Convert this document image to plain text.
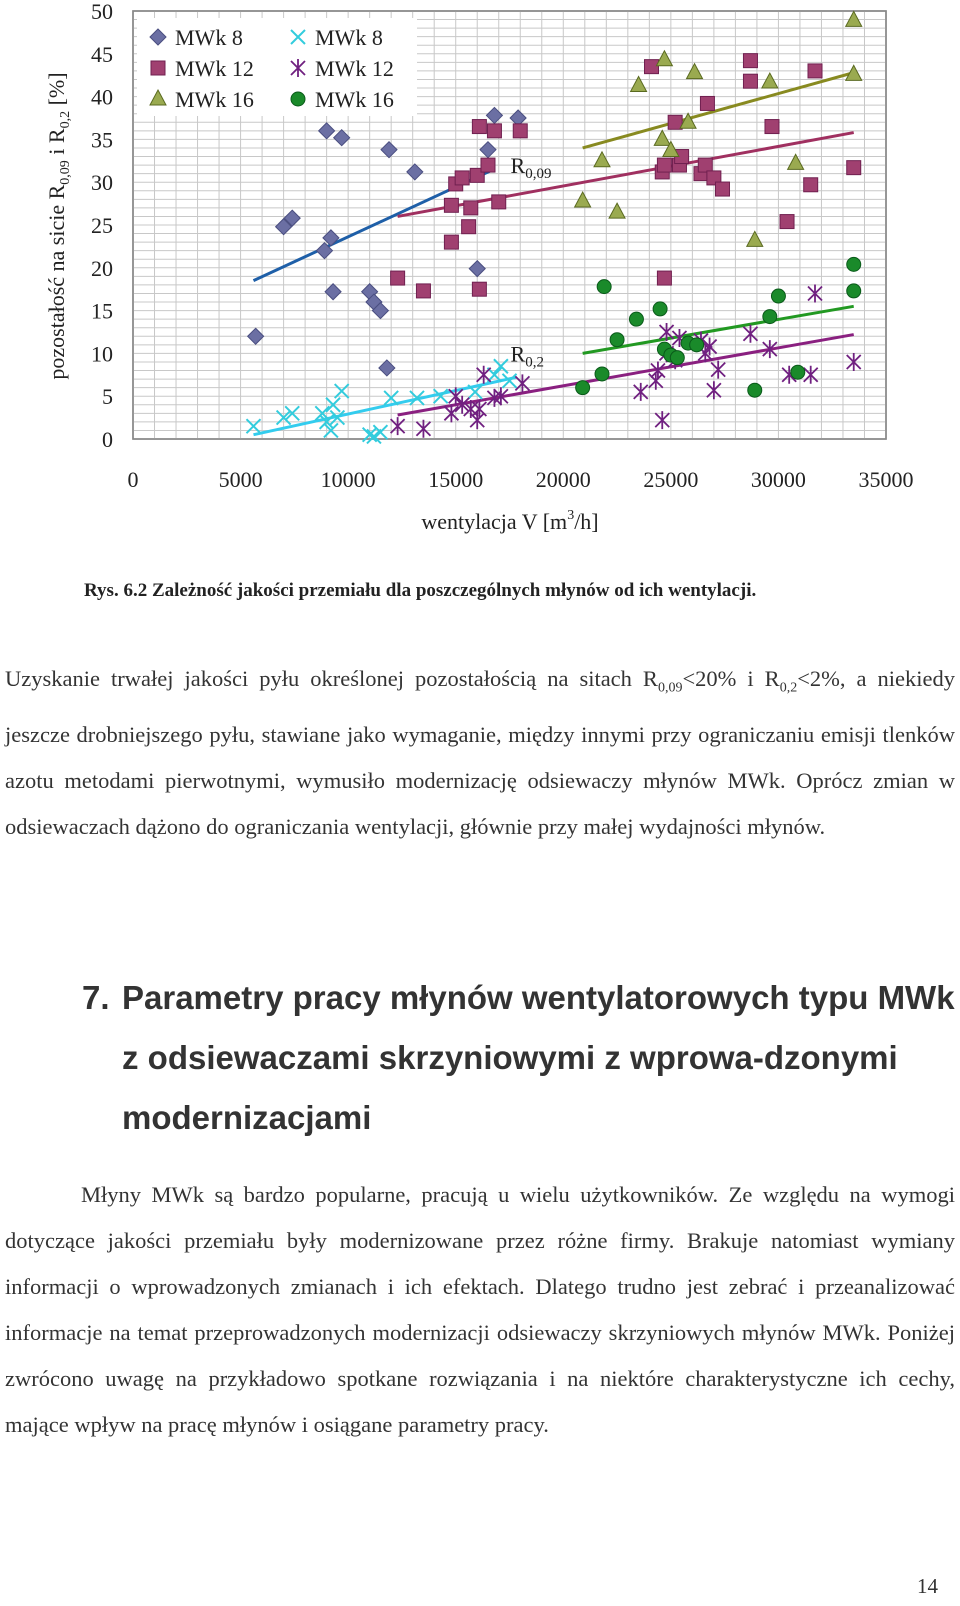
0
5
10
15
20
25
30
35
40
45
50
0	5000	10000 15000 20000 25000 30000 35000
wentylacja V $[m^3/h]$
pozostałość na sicie $R_{0,09}$ i $R_{0,2}$ [%]
$R_{0,09}$
$R_{0,2}$
MWk 8	MWk 8
MWk 12	MWk 12
MWk 16	MWk 16
Rys. 6.2 Zależność jakości przemiału dla poszczególnych młynów od ich wentylacji.
Uzyskanie trwałej jakości pyłu określonej pozostałością na sitach $R_{0,09}<20\%$ i $R_{0,2}<2\%$, a niekiedy jeszcze drobniejszego pyłu, stawiane jako wymaganie, między innymi przy ograniczaniu emisji tlenków azotu metodami pierwotnymi, wymusiło modernizację odsiewaczy młynów MWk. Oprócz zmian w odsiewaczach dążono do ograniczania wentylacji, głównie przy małej wydajności młynów.
7. Parametry pracy młynów wentylatorowych typu MWk z odsiewaczami skrzyniowymi z wprowa-dzonymi modernizacjami
Młyny MWk są bardzo popularne, pracują u wielu użytkowników. Ze względu na wymogi dotyczące jakości przemiału były modernizowane przez różne firmy. Brakuje natomiast wymiany informacji o wprowadzonych zmianach i ich efektach. Dlatego trudno jest zebrać i przeanalizować informacje na temat przeprowadzonych modernizacji odsiewaczy skrzyniowych młynów MWk. Poniżej zwrócono uwagę na przykładowo spotkane rozwiązania i na niektóre charakterystyczne ich cechy, mające wpływ na pracę młynów i osiągane parametry pracy.
14
